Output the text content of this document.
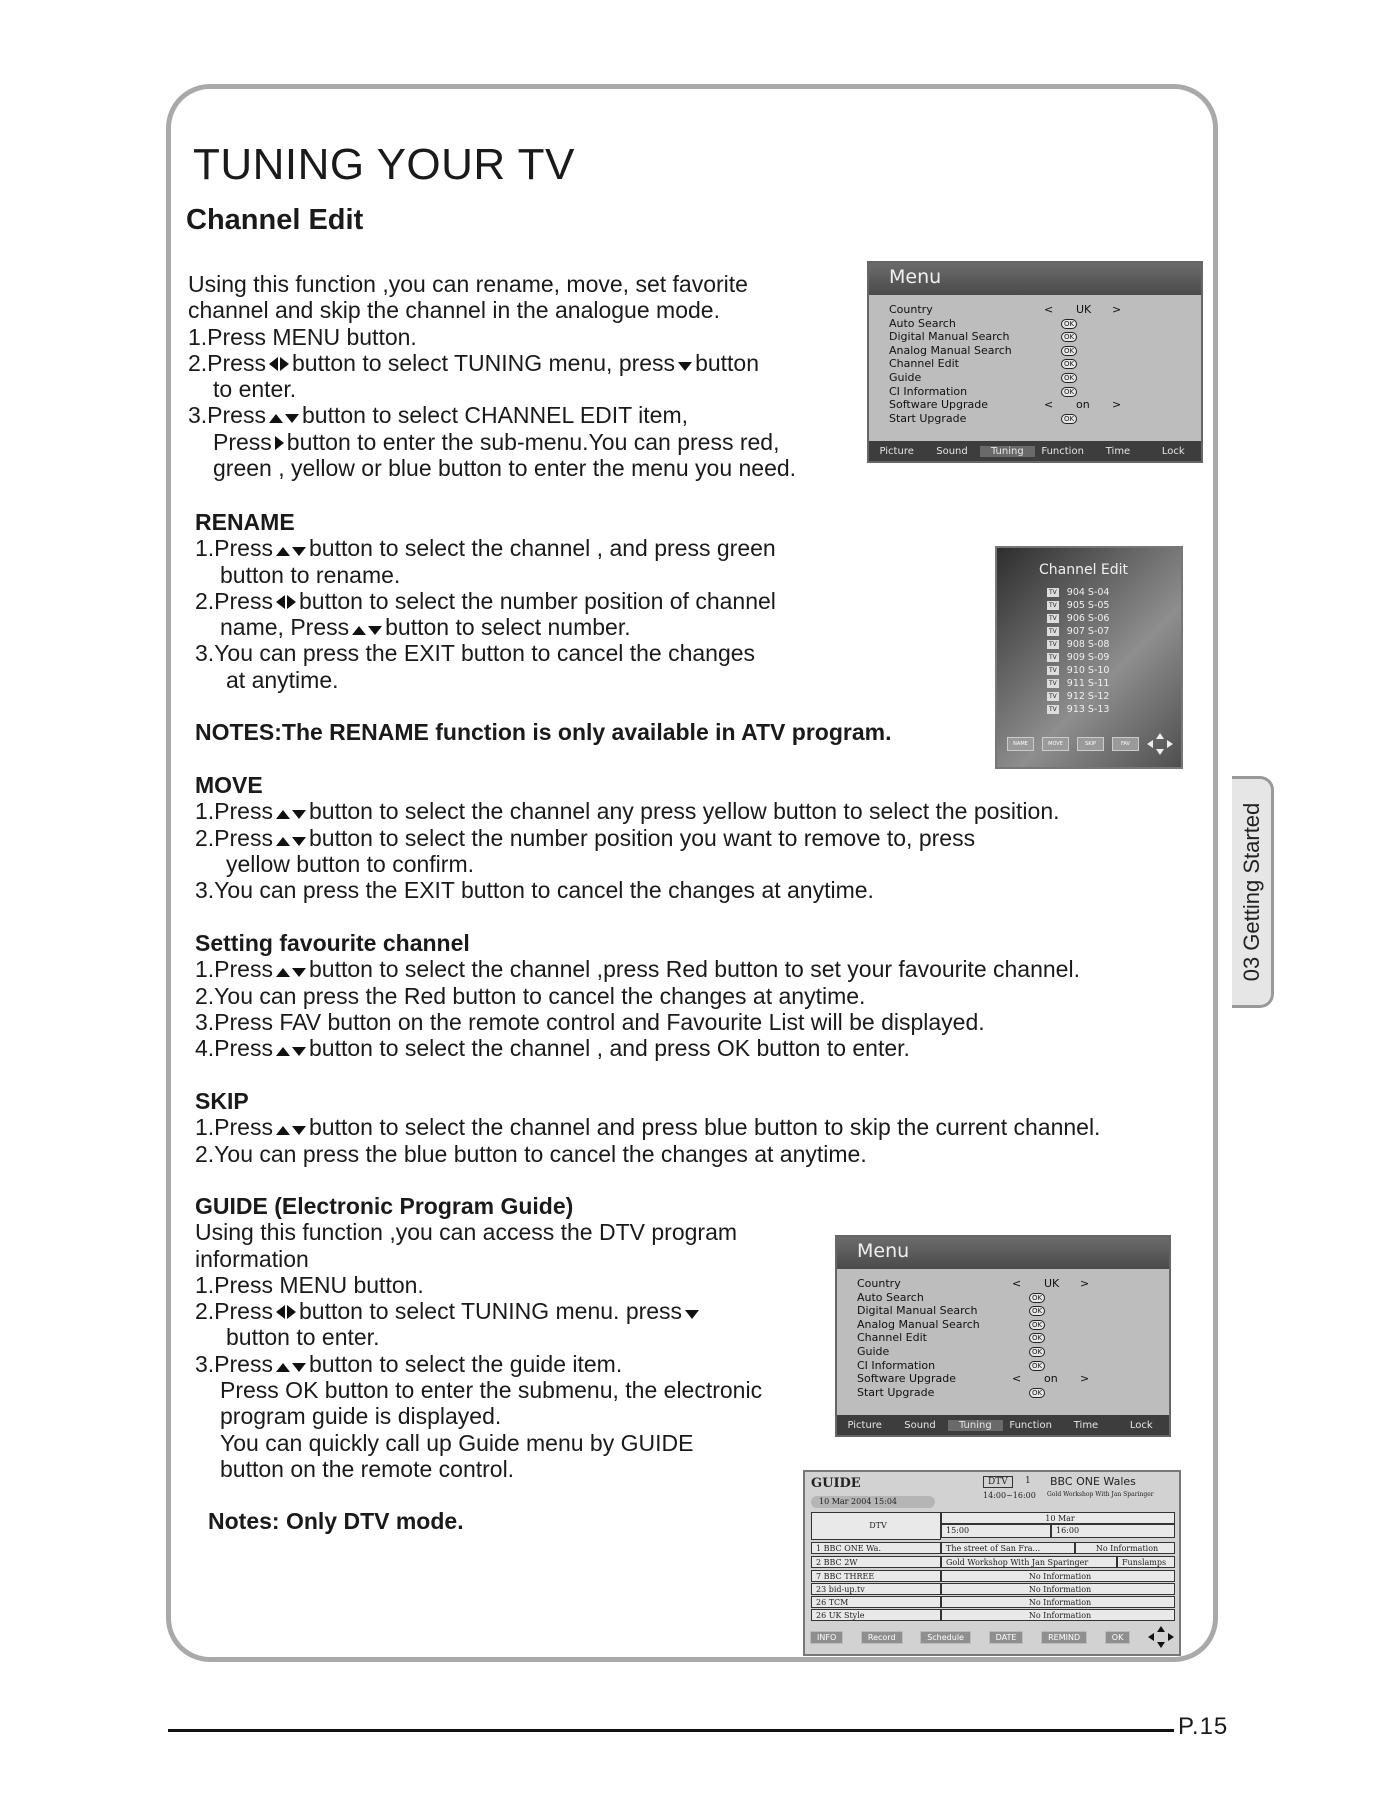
TUNING YOUR TV
Channel Edit

Using this function ,you can rename, move, set favorite

channel and skip the channel in the analogue mode.

1.Press MENU button.

2.Press button to select TUNING menu, press button

to enter.

3.Press button to select CHANNEL EDIT item,

Press button to enter the sub-menu.You can press red,

green , yellow or blue button to enter the menu you need.

Menu
Country	< UK >
Auto Search	OK
Digital Manual Search	OK
Analog Manual Search	OK
Channel Edit	OK
Guide	OK
CI Information	OK
Software Upgrade	< on >
Start Upgrade	OK
Picture	Sound	Tuning	Function	Time	Lock

RENAME

1.Press button to select the channel , and press green

button to rename.

2.Press button to select the number position of channel

name, Press button to select number.

3.You can press the EXIT button to cancel the changes

at anytime.

NOTES:The RENAME function is only available in ATV program.

Channel Edit
TV 904 S-04
TV 905 S-05
TV 906 S-06
TV 907 S-07
TV 908 S-08
TV 909 S-09
TV 910 S-10
TV 911 S-11
TV 912 S-12
TV 913 S-13
NAME	MOVE	SKIP	FAV

MOVE

1.Press button to select the channel any press yellow button to select the position.

2.Press button to select the number position you want to remove to, press

yellow button to confirm.

3.You can press the EXIT button to cancel the changes at anytime.

Setting favourite channel

1.Press button to select the channel ,press Red button to set your favourite channel.

2.You can press the Red button to cancel the changes at anytime.

3.Press FAV button on the remote control and Favourite List will be displayed.

4.Press button to select the channel , and press OK button to enter.

SKIP

1.Press button to select the channel and press blue button to skip the current channel.

2.You can press the blue button to cancel the changes at anytime.

GUIDE (Electronic Program Guide)

Using this function ,you can access the DTV program

information

1.Press MENU button.

2.Press button to select TUNING menu. press

button to enter.

3.Press button to select the guide item.

Press OK button to enter the submenu, the electronic

program guide is displayed.

You can quickly call up Guide menu by GUIDE

button on the remote control.

Notes: Only DTV mode.

Menu
Country	< UK >
Auto Search	OK
Digital Manual Search	OK
Analog Manual Search	OK
Channel Edit	OK
Guide	OK
CI Information	OK
Software Upgrade	< on >
Start Upgrade	OK
Picture	Sound	Tuning	Function	Time	Lock
GUIDE	DTV	1 BBC ONE Wales
14:00~16:00 Gold Workshop With Jan Sparinger
10 Mar 2004 15:04
DTV
10 Mar
15:00	16:00
1 BBC ONE Wa.	The street of San Fra...	No Information
2 BBC 2W	Gold Workshop With Jan Sparinger	Funslamps
7 BBC THREE	No Information
23 bid-up.tv	No Information
26 TCM	No Information
26 UK Style	No Information
INFO	Record	Schedule	DATE	REMIND	OK
03 Getting Started
P.15
